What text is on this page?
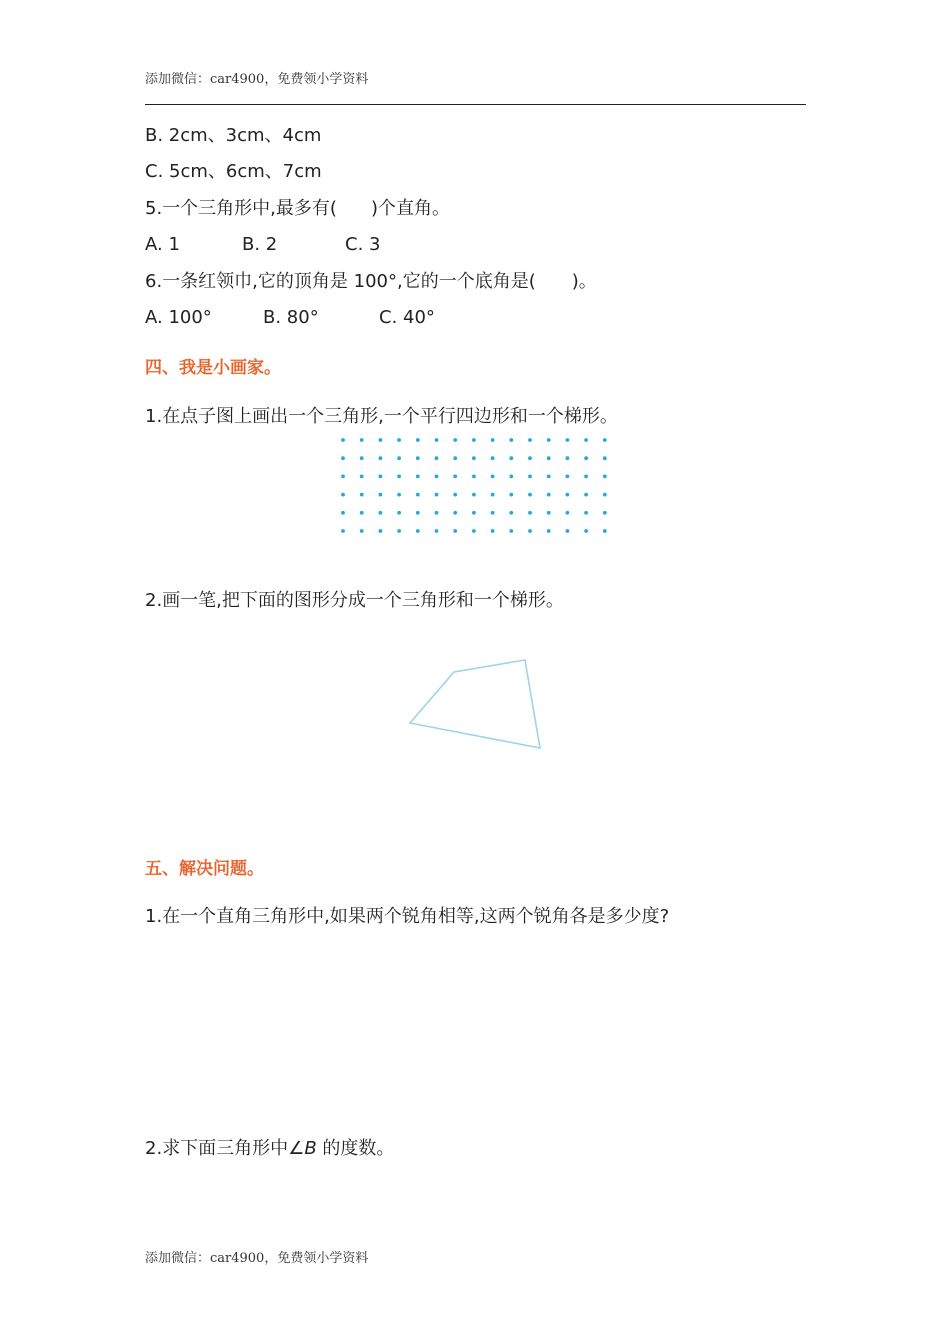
添加微信：car4900，免费领小学资料
B. 2cm、3cm、4cm
C. 5cm、6cm、7cm
5.一个三角形中,最多有( )个直角。
A. 1	B. 2	C. 3
6.一条红领巾,它的顶角是 100°,它的一个底角是( )。
A. 100°	B. 80°	C. 40°
四、我是小画家。
1.在点子图上画出一个三角形,一个平行四边形和一个梯形。
2.画一笔,把下面的图形分成一个三角形和一个梯形。
五、解决问题。
1.在一个直角三角形中,如果两个锐角相等,这两个锐角各是多少度?
2.求下面三角形中∠B 的度数。
添加微信：car4900，免费领小学资料
